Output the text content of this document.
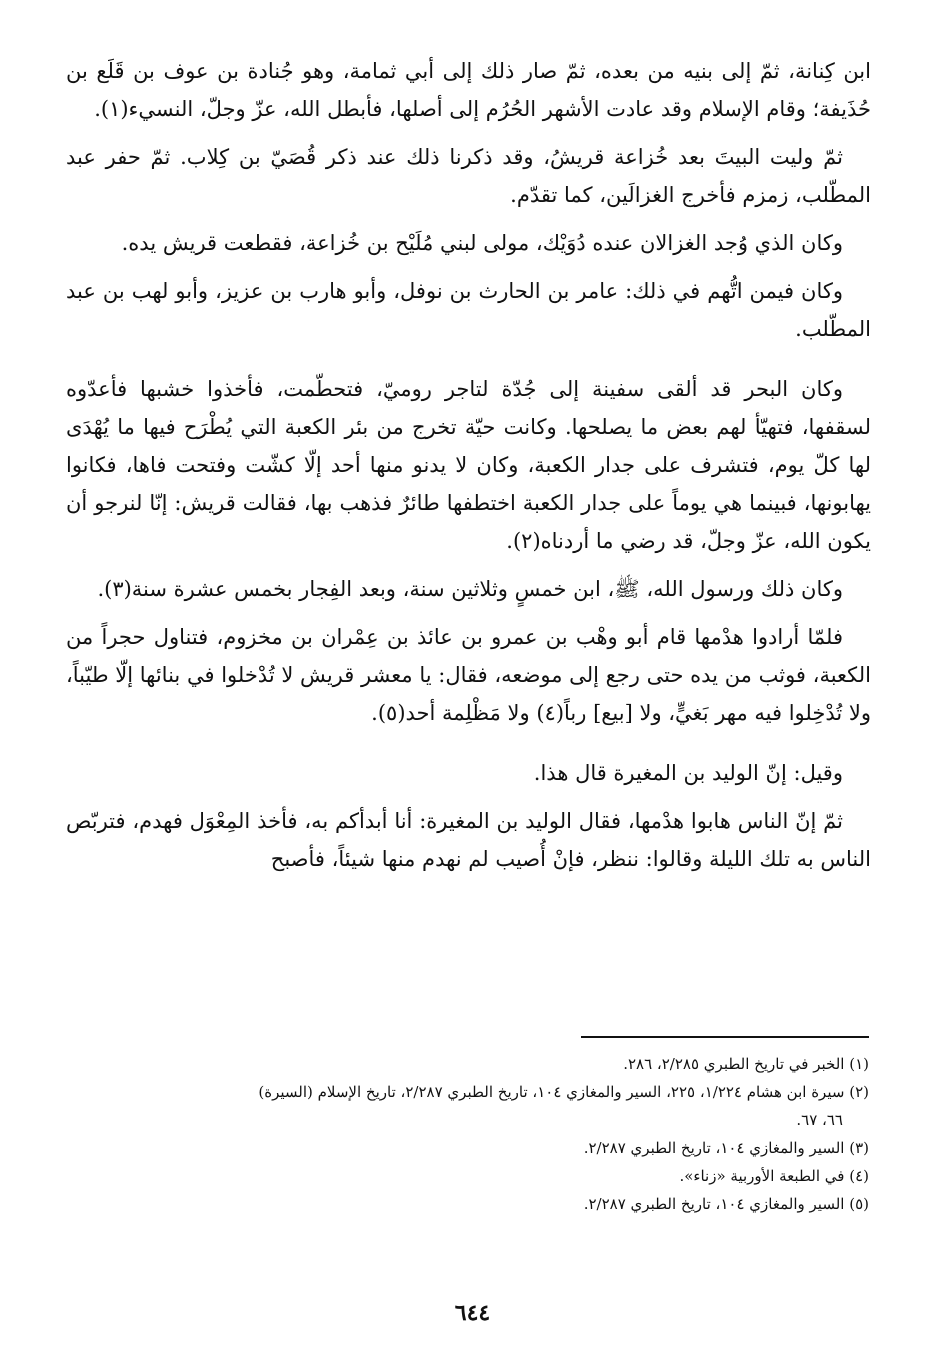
ابن كِنانة، ثمّ إلى بنيه من بعده، ثمّ صار ذلك إلى أبي ثمامة، وهو جُنادة بن عوف بن قَلَع بن حُذَيفة؛ وقام الإسلام وقد عادت الأشهر الحُرُم إلى أصلها، فأبطل الله، عزّ وجلّ، النسيء(١).

ثمّ وليت البيتَ بعد خُزاعة قريشُ، وقد ذكرنا ذلك عند ذكر قُصَيّ بن كِلاب. ثمّ حفر عبد المطّلب، زمزم فأخرج الغزالَين، كما تقدّم.

وكان الذي وُجد الغزالان عنده دُوَيْك، مولى لبني مُلَيْح بن خُزاعة، فقطعت قريش يده.

وكان فيمن اتُّهم في ذلك: عامر بن الحارث بن نوفل، وأبو هارب بن عزيز، وأبو لهب بن عبد المطّلب.

وكان البحر قد ألقى سفينة إلى جُدّة لتاجر روميّ، فتحطّمت، فأخذوا خشبها فأعدّوه لسقفها، فتهيّأ لهم بعض ما يصلحها. وكانت حيّة تخرج من بئر الكعبة التي يُطْرَح فيها ما يُهْدَى لها كلّ يوم، فتشرف على جدار الكعبة، وكان لا يدنو منها أحد إلّا كشّت وفتحت فاها، فكانوا يهابونها، فبينما هي يوماً على جدار الكعبة اختطفها طائرٌ فذهب بها، فقالت قريش: إنّا لنرجو أن يكون الله، عزّ وجلّ، قد رضي ما أردناه(٢).

وكان ذلك ورسول الله، ﷺ، ابن خمسٍ وثلاثين سنة، وبعد الفِجار بخمس عشرة سنة(٣).

فلمّا أرادوا هدْمها قام أبو وهْب بن عمرو بن عائذ بن عِمْران بن مخزوم، فتناول حجراً من الكعبة، فوثب من يده حتى رجع إلى موضعه، فقال: يا معشر قريش لا تُدْخلوا في بنائها إلّا طيّباً، ولا تُدْخِلوا فيه مهر بَغيٍّ، ولا [بيع] رباً(٤) ولا مَظْلِمة أحد(٥).

وقيل: إنّ الوليد بن المغيرة قال هذا.

ثمّ إنّ الناس هابوا هدْمها، فقال الوليد بن المغيرة: أنا أبدأكم به، فأخذ المِعْوَل فهدم، فتربّص الناس به تلك الليلة وقالوا: ننظر، فإنْ أُصيب لم نهدم منها شيئاً، فأصبح

(١) الخبر في تاريخ الطبري ٢/٢٨٥، ٢٨٦.

(٢) سيرة ابن هشام ١/٢٢٤، ٢٢٥، السير والمغازي ١٠٤، تاريخ الطبري ٢/٢٨٧، تاريخ الإسلام (السيرة)
٦٦، ٦٧.

(٣) السير والمغازي ١٠٤، تاريخ الطبري ٢/٢٨٧.

(٤) في الطبعة الأوربية «زناء».

(٥) السير والمغازي ١٠٤، تاريخ الطبري ٢/٢٨٧.

٦٤٤
